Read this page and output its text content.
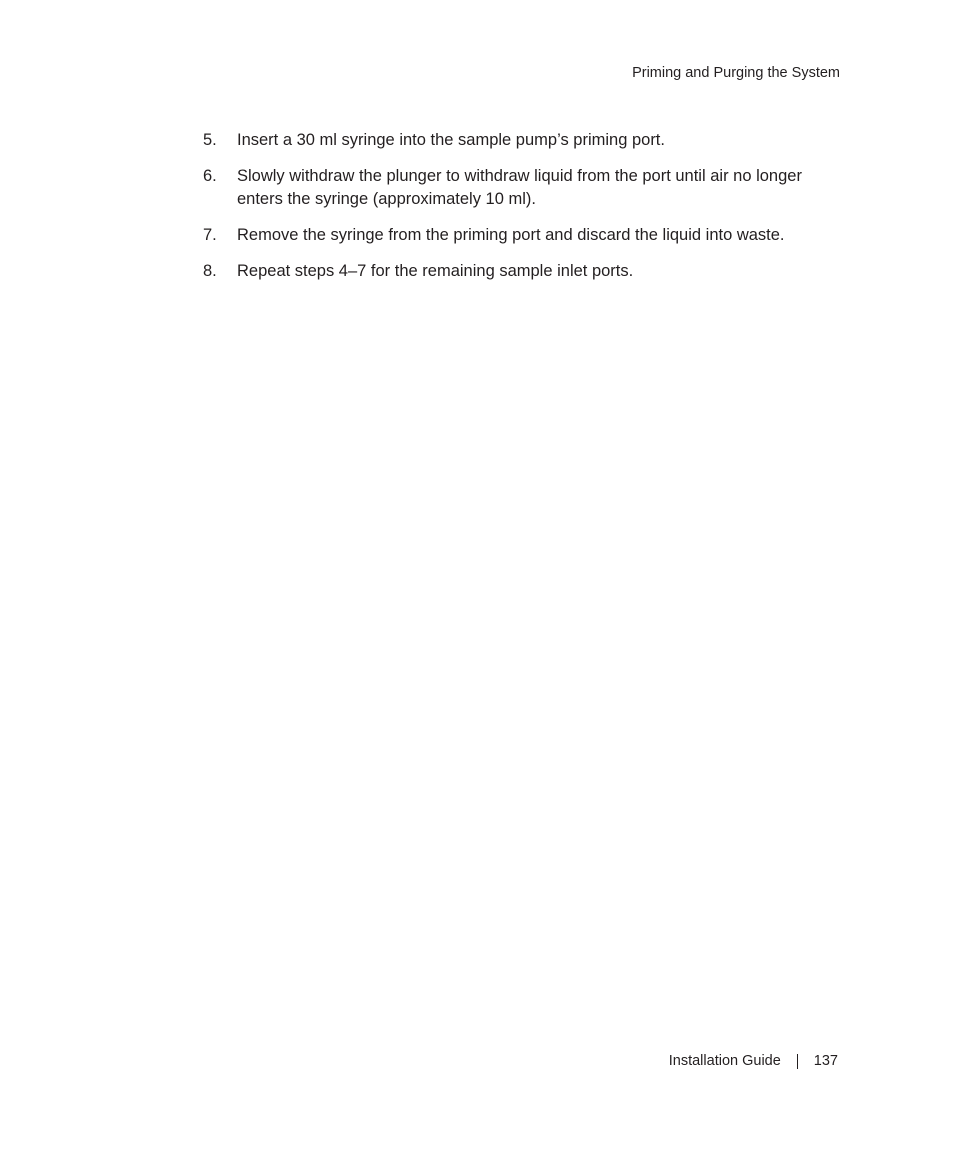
Priming and Purging the System
5.	Insert a 30 ml syringe into the sample pump’s priming port.
6.	Slowly withdraw the plunger to withdraw liquid from the port until air no longer enters the syringe (approximately 10 ml).
7.	Remove the syringe from the priming port and discard the liquid into waste.
8.	Repeat steps 4–7 for the remaining sample inlet ports.
Installation Guide 137
